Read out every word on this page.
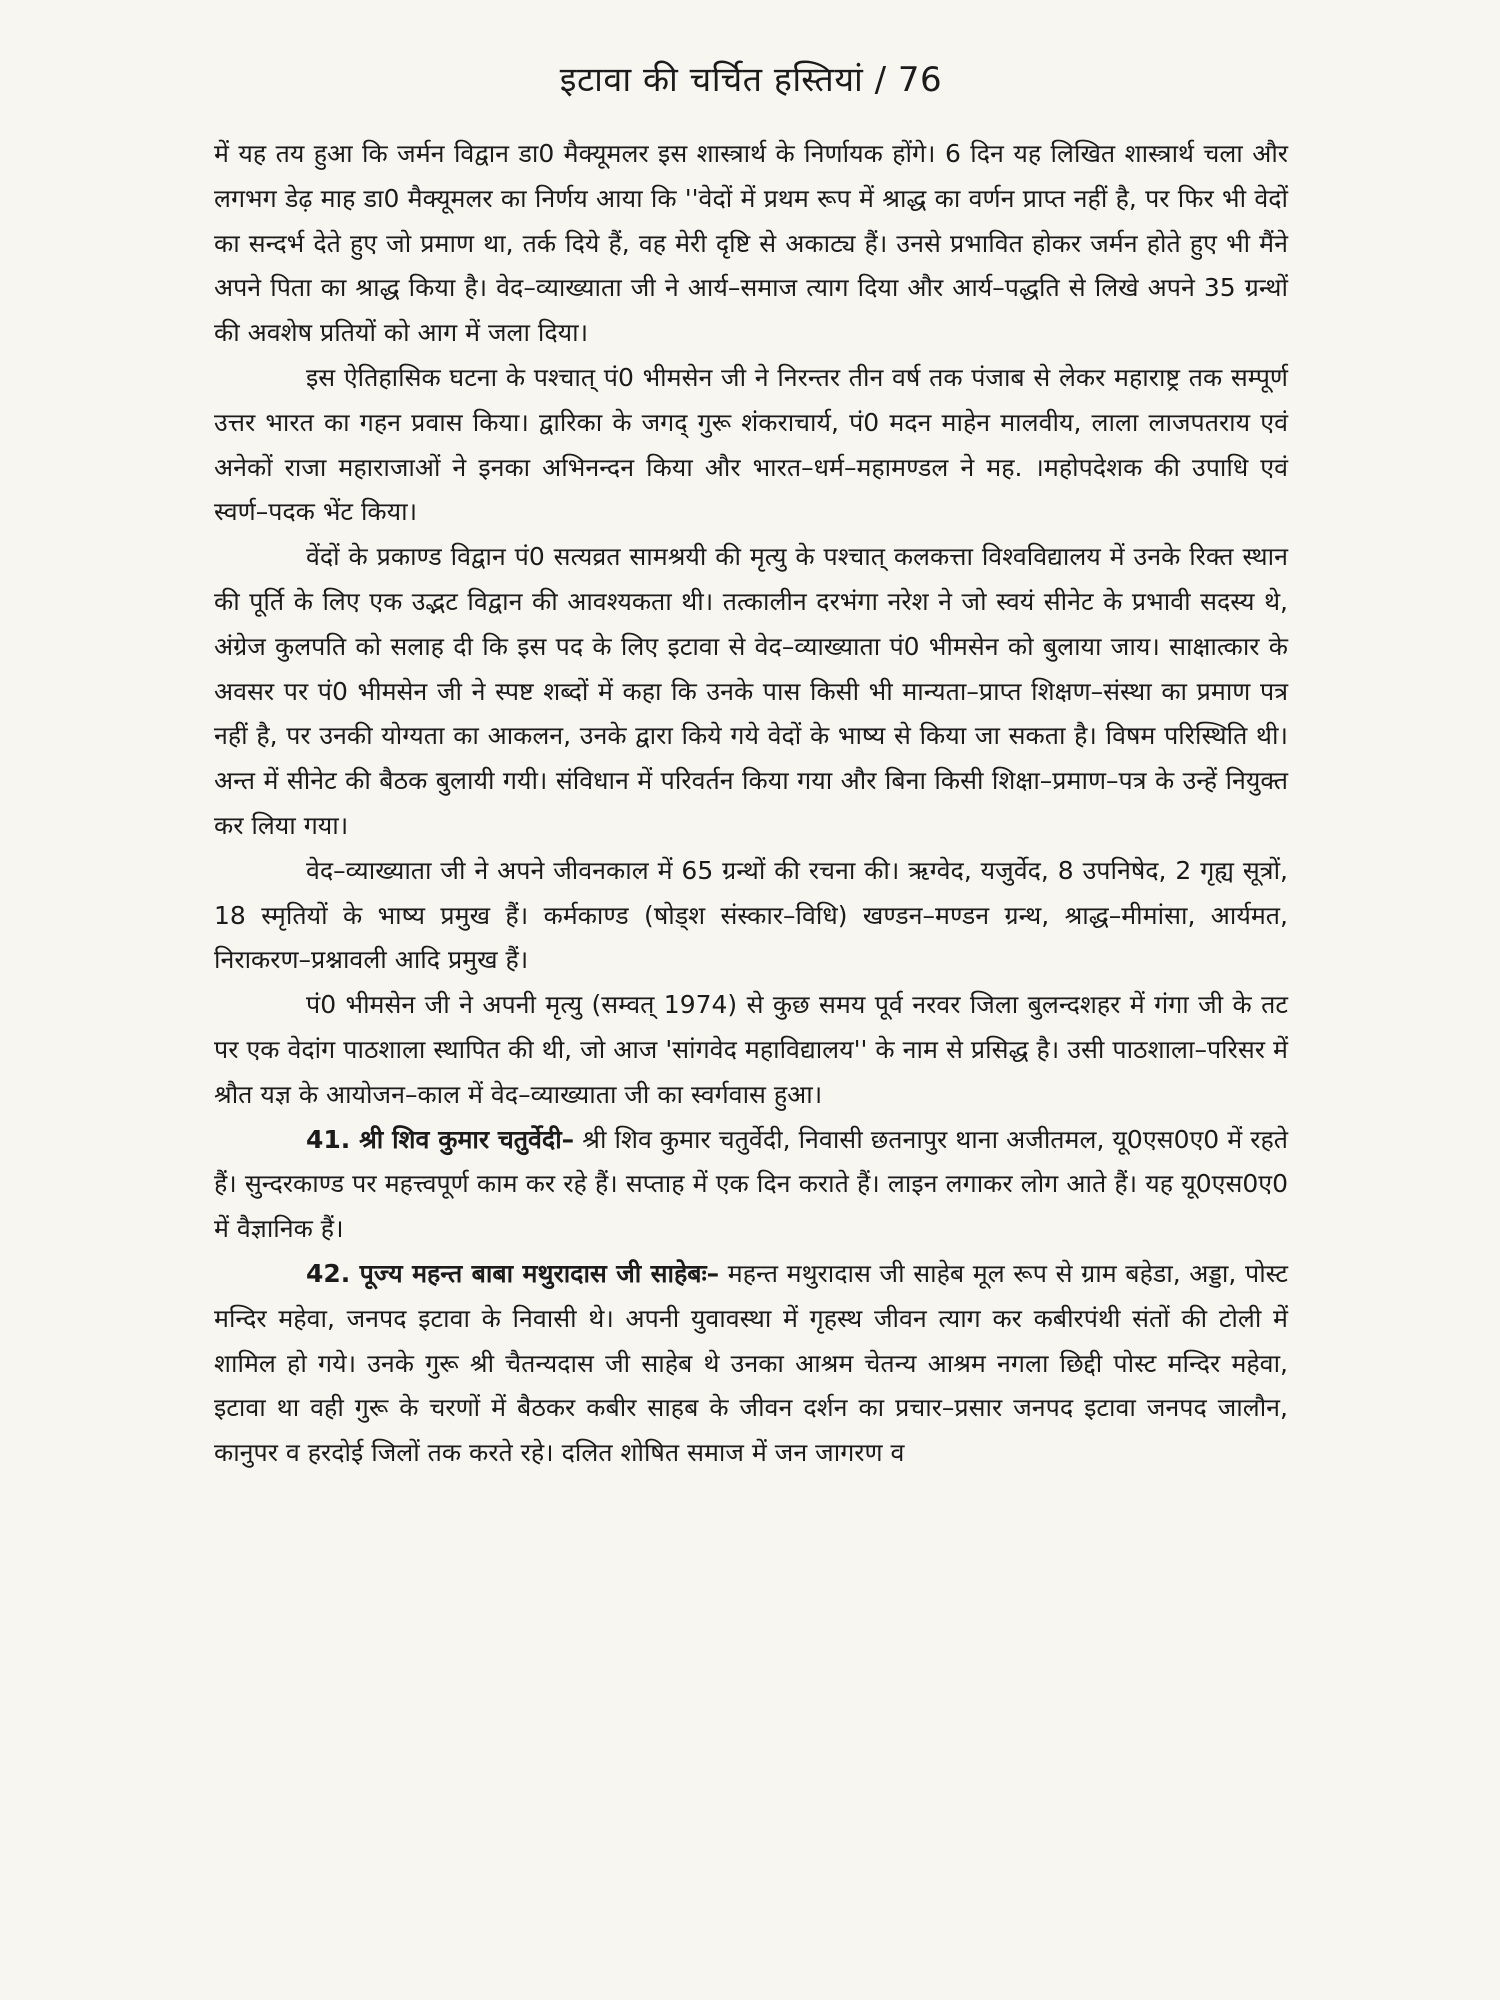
इटावा की चर्चित हस्तियां / 76

में यह तय हुआ कि जर्मन विद्वान डा0 मैक्यूमलर इस शास्त्रार्थ के निर्णायक होंगे। 6 दिन यह लिखित शास्त्रार्थ चला और लगभग डेढ़ माह डा0 मैक्यूमलर का निर्णय आया कि ''वेदों में प्रथम रूप में श्राद्ध का वर्णन प्राप्त नहीं है, पर फिर भी वेदों का सन्दर्भ देते हुए जो प्रमाण था, तर्क दिये हैं, वह मेरी दृष्टि से अकाट्य हैं। उनसे प्रभावित होकर जर्मन होते हुए भी मैंने अपने पिता का श्राद्ध किया है। वेद–व्याख्याता जी ने आर्य–समाज त्याग दिया और आर्य–पद्धति से लिखे अपने 35 ग्रन्थों की अवशेष प्रतियों को आग में जला दिया।

इस ऐतिहासिक घटना के पश्चात् पं0 भीमसेन जी ने निरन्तर तीन वर्ष तक पंजाब से लेकर महाराष्ट्र तक सम्पूर्ण उत्तर भारत का गहन प्रवास किया। द्वारिका के जगद् गुरू शंकराचार्य, पं0 मदन माहेन मालवीय, लाला लाजपतराय एवं अनेकों राजा महाराजाओं ने इनका अभिनन्दन किया और भारत–धर्म–महामण्डल ने मह. ।महोपदेशक की उपाधि एवं स्वर्ण–पदक भेंट किया।

वेंदों के प्रकाण्ड विद्वान पं0 सत्यव्रत सामश्रयी की मृत्यु के पश्चात् कलकत्ता विश्वविद्यालय में उनके रिक्त स्थान की पूर्ति के लिए एक उद्भट विद्वान की आवश्यकता थी। तत्कालीन दरभंगा नरेश ने जो स्वयं सीनेट के प्रभावी सदस्य थे, अंग्रेज कुलपति को सलाह दी कि इस पद के लिए इटावा से वेद–व्याख्याता पं0 भीमसेन को बुलाया जाय। साक्षात्कार के अवसर पर पं0 भीमसेन जी ने स्पष्ट शब्दों में कहा कि उनके पास किसी भी मान्यता–प्राप्त शिक्षण–संस्था का प्रमाण पत्र नहीं है, पर उनकी योग्यता का आकलन, उनके द्वारा किये गये वेदों के भाष्य से किया जा सकता है। विषम परिस्थिति थी। अन्त में सीनेट की बैठक बुलायी गयी। संविधान में परिवर्तन किया गया और बिना किसी शिक्षा–प्रमाण–पत्र के उन्हें नियुक्त कर लिया गया।

वेद–व्याख्याता जी ने अपने जीवनकाल में 65 ग्रन्थों की रचना की। ऋग्वेद, यजुर्वेद, 8 उपनिषेद, 2 गृह्य सूत्रों, 18 स्मृतियों के भाष्य प्रमुख हैं। कर्मकाण्ड (षोड्श संस्कार–विधि) खण्डन–मण्डन ग्रन्थ, श्राद्ध–मीमांसा, आर्यमत, निराकरण–प्रश्नावली आदि प्रमुख हैं।

पं0 भीमसेन जी ने अपनी मृत्यु (सम्वत् 1974) से कुछ समय पूर्व नरवर जिला बुलन्दशहर में गंगा जी के तट पर एक वेदांग पाठशाला स्थापित की थी, जो आज 'सांगवेद महाविद्यालय'' के नाम से प्रसिद्ध है। उसी पाठशाला–परिसर में श्रौत यज्ञ के आयोजन–काल में वेद–व्याख्याता जी का स्वर्गवास हुआ।

41. श्री शिव कुमार चतुर्वेदी– श्री शिव कुमार चतुर्वेदी, निवासी छतनापुर थाना अजीतमल, यू0एस0ए0 में रहते हैं। सुन्दरकाण्ड पर महत्त्वपूर्ण काम कर रहे हैं। सप्ताह में एक दिन कराते हैं। लाइन लगाकर लोग आते हैं। यह यू0एस0ए0 में वैज्ञानिक हैं।

42. पूज्य महन्त बाबा मथुरादास जी साहेबः– महन्त मथुरादास जी साहेब मूल रूप से ग्राम बहेडा, अड्डा, पोस्ट मन्दिर महेवा, जनपद इटावा के निवासी थे। अपनी युवावस्था में गृहस्थ जीवन त्याग कर कबीरपंथी संतों की टोली में शामिल हो गये। उनके गुरू श्री चैतन्यदास जी साहेब थे उनका आश्रम चेतन्य आश्रम नगला छिद्दी पोस्ट मन्दिर महेवा, इटावा था वही गुरू के चरणों में बैठकर कबीर साहब के जीवन दर्शन का प्रचार–प्रसार जनपद इटावा जनपद जालौन, कानुपर व हरदोई जिलों तक करते रहे। दलित शोषित समाज में जन जागरण व
